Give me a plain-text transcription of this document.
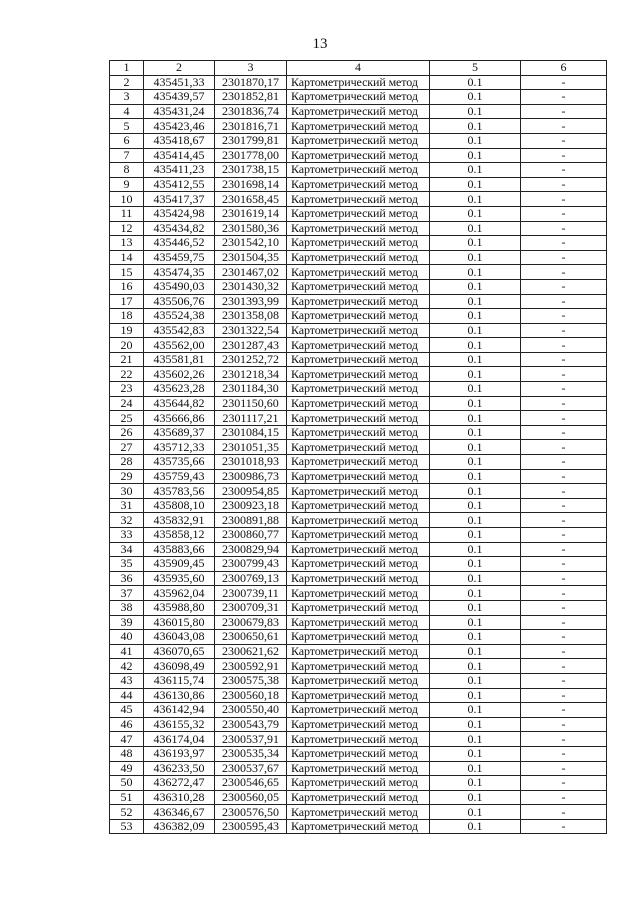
13
1	2	3	4	5	6
2	435451,33	2301870,17	Картометрический метод	0.1	-
3	435439,57	2301852,81	Картометрический метод	0.1	-
4	435431,24	2301836,74	Картометрический метод	0.1	-
5	435423,46	2301816,71	Картометрический метод	0.1	-
6	435418,67	2301799,81	Картометрический метод	0.1	-
7	435414,45	2301778,00	Картометрический метод	0.1	-
8	435411,23	2301738,15	Картометрический метод	0.1	-
9	435412,55	2301698,14	Картометрический метод	0.1	-
10	435417,37	2301658,45	Картометрический метод	0.1	-
11	435424,98	2301619,14	Картометрический метод	0.1	-
12	435434,82	2301580,36	Картометрический метод	0.1	-
13	435446,52	2301542,10	Картометрический метод	0.1	-
14	435459,75	2301504,35	Картометрический метод	0.1	-
15	435474,35	2301467,02	Картометрический метод	0.1	-
16	435490,03	2301430,32	Картометрический метод	0.1	-
17	435506,76	2301393,99	Картометрический метод	0.1	-
18	435524,38	2301358,08	Картометрический метод	0.1	-
19	435542,83	2301322,54	Картометрический метод	0.1	-
20	435562,00	2301287,43	Картометрический метод	0.1	-
21	435581,81	2301252,72	Картометрический метод	0.1	-
22	435602,26	2301218,34	Картометрический метод	0.1	-
23	435623,28	2301184,30	Картометрический метод	0.1	-
24	435644,82	2301150,60	Картометрический метод	0.1	-
25	435666,86	2301117,21	Картометрический метод	0.1	-
26	435689,37	2301084,15	Картометрический метод	0.1	-
27	435712,33	2301051,35	Картометрический метод	0.1	-
28	435735,66	2301018,93	Картометрический метод	0.1	-
29	435759,43	2300986,73	Картометрический метод	0.1	-
30	435783,56	2300954,85	Картометрический метод	0.1	-
31	435808,10	2300923,18	Картометрический метод	0.1	-
32	435832,91	2300891,88	Картометрический метод	0.1	-
33	435858,12	2300860,77	Картометрический метод	0.1	-
34	435883,66	2300829,94	Картометрический метод	0.1	-
35	435909,45	2300799,43	Картометрический метод	0.1	-
36	435935,60	2300769,13	Картометрический метод	0.1	-
37	435962,04	2300739,11	Картометрический метод	0.1	-
38	435988,80	2300709,31	Картометрический метод	0.1	-
39	436015,80	2300679,83	Картометрический метод	0.1	-
40	436043,08	2300650,61	Картометрический метод	0.1	-
41	436070,65	2300621,62	Картометрический метод	0.1	-
42	436098,49	2300592,91	Картометрический метод	0.1	-
43	436115,74	2300575,38	Картометрический метод	0.1	-
44	436130,86	2300560,18	Картометрический метод	0.1	-
45	436142,94	2300550,40	Картометрический метод	0.1	-
46	436155,32	2300543,79	Картометрический метод	0.1	-
47	436174,04	2300537,91	Картометрический метод	0.1	-
48	436193,97	2300535,34	Картометрический метод	0.1	-
49	436233,50	2300537,67	Картометрический метод	0.1	-
50	436272,47	2300546,65	Картометрический метод	0.1	-
51	436310,28	2300560,05	Картометрический метод	0.1	-
52	436346,67	2300576,50	Картометрический метод	0.1	-
53	436382,09	2300595,43	Картометрический метод	0.1	-
